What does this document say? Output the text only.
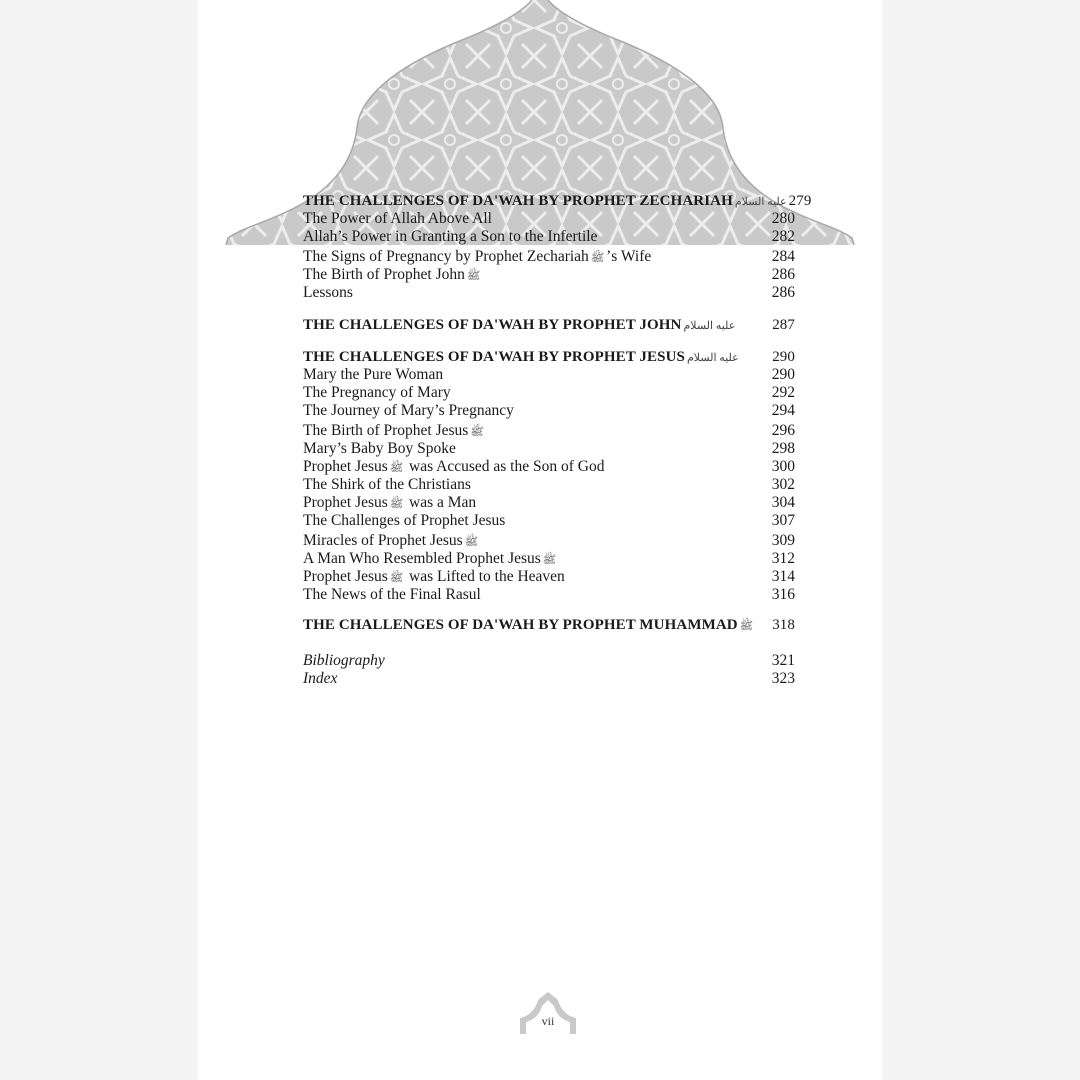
THE CHALLENGES OF DA'WAH BY PROPHET ZECHARIAH عليه السلام 279
The Power of Allah Above All	280
Allah’s Power in Granting a Son to the Infertile	282
The Signs of Pregnancy by Prophet Zechariah ﷺ ’s Wife	284
The Birth of Prophet John ﷺ	286
Lessons	286
THE CHALLENGES OF DA'WAH BY PROPHET JOHN عليه السلام 287
THE CHALLENGES OF DA'WAH BY PROPHET JESUS عليه السلام 290
Mary the Pure Woman	290
The Pregnancy of Mary	292
The Journey of Mary’s Pregnancy	294
The Birth of Prophet Jesus ﷺ	296
Mary’s Baby Boy Spoke	298
Prophet Jesus ﷺ was Accused as the Son of God	300
The Shirk of the Christians	302
Prophet Jesus ﷺ was a Man	304
The Challenges of Prophet Jesus	307
Miracles of Prophet Jesus ﷺ	309
A Man Who Resembled Prophet Jesus ﷺ	312
Prophet Jesus ﷺ was Lifted to the Heaven	314
The News of the Final Rasul	316
THE CHALLENGES OF DA'WAH BY PROPHET MUHAMMAD ﷺ 318
Bibliography	321
Index	323
vii
